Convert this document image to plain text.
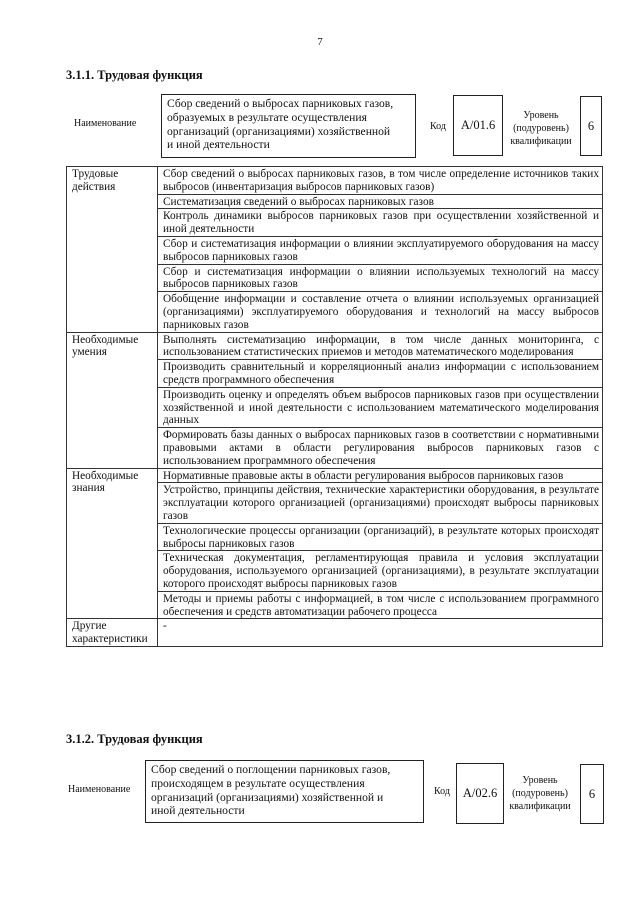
7
3.1.1. Трудовая функция
Наименование
Сбор сведений о выбросах парниковых газов,
образуемых в результате осуществления
организаций (организациями) хозяйственной
и иной деятельности
Код	A/01.6
Уровень
(подуровень)
квалификации
6
Трудовые действия	Сбор сведений о выбросах парниковых газов, в том числе определение источников таких выбросов (инвентаризация выбросов парниковых газов)
	Систематизация сведений о выбросах парниковых газов
	Контроль динамики выбросов парниковых газов при осуществлении хозяйственной и иной деятельности
	Сбор и систематизация информации о влиянии эксплуатируемого оборудования на массу выбросов парниковых газов
	Сбор и систематизация информации о влиянии используемых технологий на массу выбросов парниковых газов
	Обобщение информации и составление отчета о влиянии используемых организацией (организациями) эксплуатируемого оборудования и технологий на массу выбросов парниковых газов
Необходимые умения	Выполнять систематизацию информации, в том числе данных мониторинга, с использованием статистических приемов и методов математического моделирования
	Производить сравнительный и корреляционный анализ информации с использованием средств программного обеспечения
	Производить оценку и определять объем выбросов парниковых газов при осуществлении хозяйственной и иной деятельности с использованием математического моделирования данных
	Формировать базы данных о выбросах парниковых газов в соответствии с нормативными правовыми актами в области регулирования выбросов парниковых газов с использованием программного обеспечения
Необходимые знания	Нормативные правовые акты в области регулирования выбросов парниковых газов
	Устройство, принципы действия, технические характеристики оборудования, в результате эксплуатации которого организацией (организациями) происходят выбросы парниковых газов
	Технологические процессы организации (организаций), в результате которых происходят выбросы парниковых газов
	Техническая документация, регламентирующая правила и условия эксплуатации оборудования, используемого организацией (организациями), в результате эксплуатации которого происходят выбросы парниковых газов
	Методы и приемы работы с информацией, в том числе с использованием программного обеспечения и средств автоматизации рабочего процесса
Другие характеристики	-
3.1.2. Трудовая функция
Наименование
Сбор сведений о поглощении парниковых газов,
происходящем в результате осуществления
организаций (организациями) хозяйственной и
иной деятельности
Код	A/02.6
Уровень
(подуровень)
квалификации
6
